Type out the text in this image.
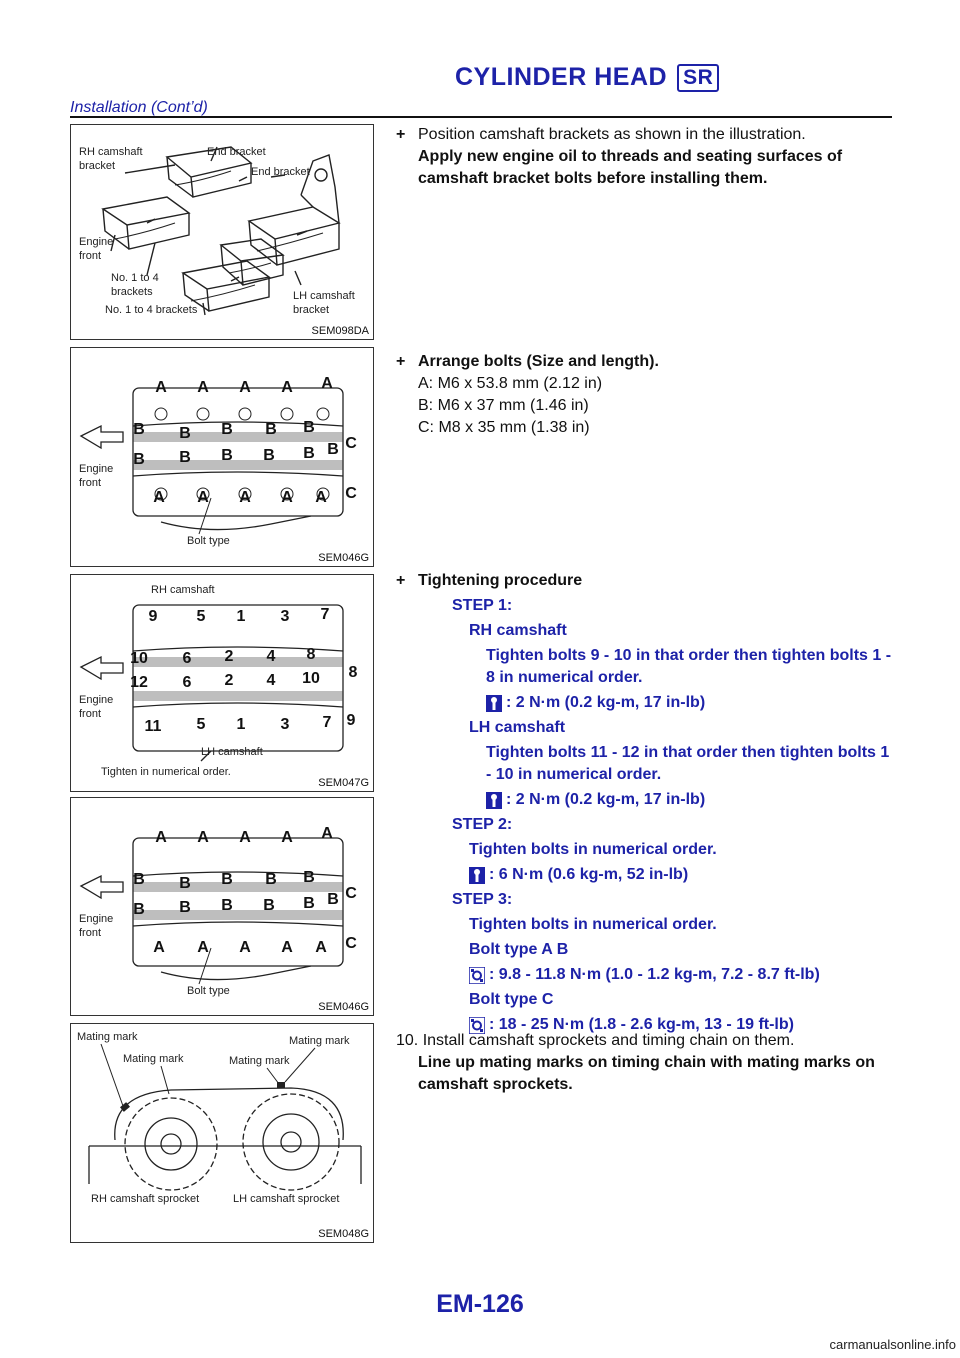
CYLINDER HEAD SR
Installation (Cont’d)
RH camshaft
bracket
End bracket
End bracket
Engine
front
No. 1 to 4
brackets
No. 1 to 4 brackets
LH camshaft
bracket
SEM098DA
A A A A A
B B B B B
C
B B B B B B
A A A A A C
Engine
front
Bolt type
SEM046G
9 5 1 3 7
10 6 2 4 8
12 6 2 4 10 8
11 5 1 3 7 9
RH camshaft
Engine
front
LH camshaft
Tighten in numerical order.
SEM047G
A A A A A
B B B B B
C
B B B B B B
A A A A A C
Engine
front
Bolt type
SEM046G
Mating mark
Mating mark	Mating mark
Mating mark
RH camshaft sprocket	LH camshaft sprocket
SEM048G
+ Position camshaft brackets as shown in the illustration.
Apply new engine oil to threads and seating surfaces of camshaft bracket bolts before installing them.
+ Arrange bolts (Size and length).
A: M6 x 53.8 mm (2.12 in)
B: M6 x 37 mm (1.46 in)
C: M8 x 35 mm (1.38 in)
+ Tightening procedure
STEP 1:
RH camshaft
Tighten bolts 9 - 10 in that order then tighten bolts 1 - 8 in numerical order.
: 2 N·m (0.2 kg-m, 17 in-lb)
LH camshaft
Tighten bolts 11 - 12 in that order then tighten bolts 1 - 10 in numerical order.
: 2 N·m (0.2 kg-m, 17 in-lb)
STEP 2:
Tighten bolts in numerical order.
: 6 N·m (0.6 kg-m, 52 in-lb)
STEP 3:
Tighten bolts in numerical order.
Bolt type A B
: 9.8 - 11.8 N·m (1.0 - 1.2 kg-m, 7.2 - 8.7 ft-lb)
Bolt type C
: 18 - 25 N·m (1.8 - 2.6 kg-m, 13 - 19 ft-lb)
10. Install camshaft sprockets and timing chain on them.
Line up mating marks on timing chain with mating marks on camshaft sprockets.
EM-126
carmanualsonline.info
